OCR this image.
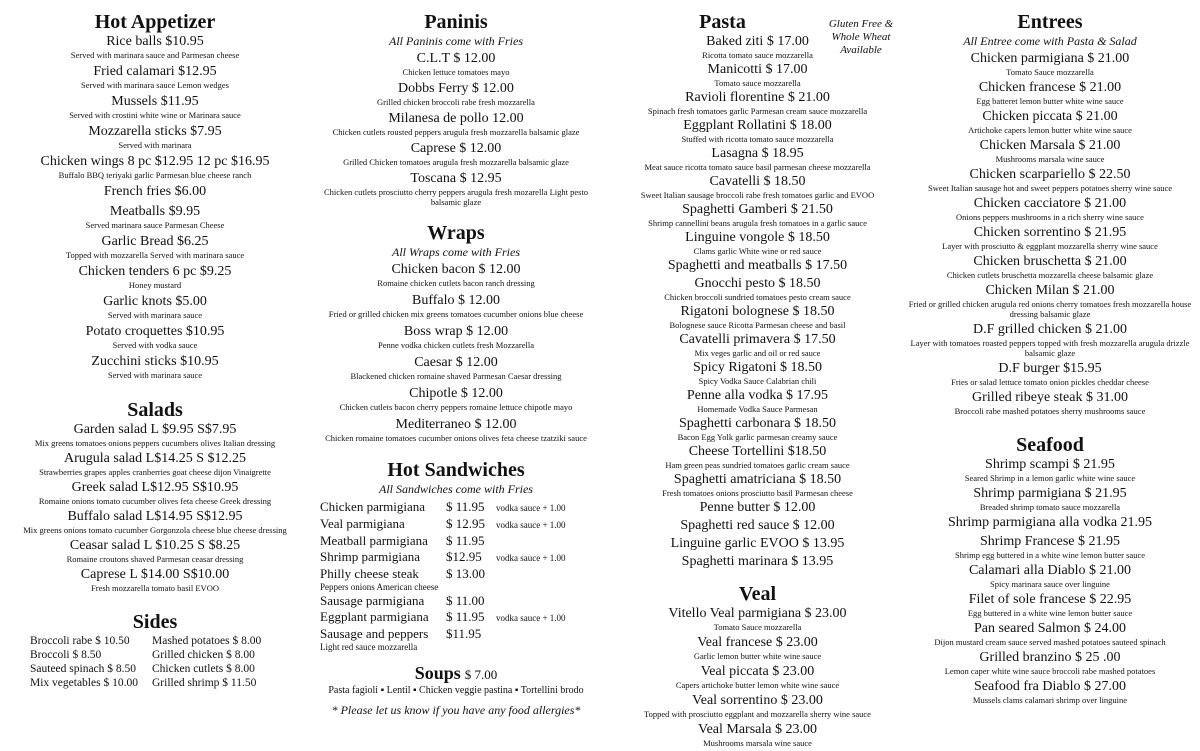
Hot Appetizer
Rice balls $10.95
Served with marinara sauce and Parmesan cheese
Fried calamari $12.95
Served with marinara sauce Lemon wedges
Mussels $11.95
Served with crostini white wine or Marinara sauce
Mozzarella sticks $7.95
Served with marinara
Chicken wings 8 pc $12.95 12 pc $16.95
Buffalo BBQ teriyaki garlic Parmesan blue cheese ranch
French fries $6.00
Meatballs $9.95
Served marinara sauce Parmesan Cheese
Garlic Bread $6.25
Topped with mozzarella Served with marinara sauce
Chicken tenders 6 pc $9.25
Honey mustard
Garlic knots $5.00
Served with marinara sauce
Potato croquettes $10.95
Served with vodka sauce
Zucchini sticks $10.95
Served with marinara sauce
Salads
Garden salad L $9.95 S$7.95
Mix greens tomatoes onions peppers cucumbers olives Italian dressing
Arugula salad L$14.25 S $12.25
Strawberries grapes apples cranberries goat cheese dijon Vinaigrette
Greek salad L$12.95 S$10.95
Romaine onions tomato cucumber olives feta cheese Greek dressing
Buffalo salad L$14.95 S$12.95
Mix greens onions tomato cucumber Gorgonzola cheese blue cheese dressing
Ceasar salad L $10.25 S $8.25
Romaine croutons shaved Parmesan ceasar dressing
Caprese L $14.00 S$10.00
Fresh mozzarella tomato basil EVOO
Sides
Broccoli rabe $ 10.50 Mashed potatoes $ 8.00
Broccoli $ 8.50	Grilled chicken $ 8.00
Sauteed spinach $ 8.50 Chicken cutlets $ 8.00
Mix vegetables $ 10.00 Grilled shrimp $ 11.50
Paninis

All Paninis come with Fries

C.L.T $ 12.00
Chicken lettuce tomatoes mayo
Dobbs Ferry $ 12.00
Grilled chicken broccoli rabe fresh mozzarella
Milanesa de pollo 12.00
Chicken cutlets rousted peppers arugula fresh mozzarella balsamic glaze
Caprese $ 12.00
Grilled Chicken tomatoes arugula fresh mozzarella balsamic glaze
Toscana $ 12.95
Chicken cutlets prosciutto cherry peppers arugula fresh mozarella Light pesto balsamic glaze
Wraps

All Wraps come with Fries

Chicken bacon $ 12.00
Romaine chicken cutlets bacon ranch dressing
Buffalo $ 12.00
Fried or grilled chicken mix greens tomatoes cucumber onions blue cheese
Boss wrap $ 12.00
Penne vodka chicken cutlets fresh Mozzarella
Caesar $ 12.00
Blackened chicken romaine shaved Parmesan Caesar dressing
Chipotle $ 12.00
Chicken cutlets bacon cherry peppers romaine lettuce chipotle mayo
Mediterraneo $ 12.00
Chicken romaine tomatoes cucumber onions olives feta cheese tzatziki sauce
Hot Sandwiches

All Sandwiches come with Fries

Chicken parmigiana $ 11.95 vodka sauce + 1.00
Veal parmigiana	$ 12.95 vodka sauce + 1.00
Meatball parmigiana $ 11.95
Shrimp parmigiana $12.95 vodka sauce + 1.00
Philly cheese steak $ 13.00
Peppers onions American cheese
Sausage parmigiana $ 11.00
Eggplant parmigiana $ 11.95 vodka sauce + 1.00
Sausage and peppers $11.95
Light red sauce mozzarella
Soups $ 7.00
Pasta fagioli ▪ Lentil ▪ Chicken veggie pastina ▪ Tortellini brodo
* Please let us know if you have any food allergies*
Gluten Free & Whole Wheat Available
Pasta
Baked ziti $ 17.00
Ricotta tomato sauce mozzarella
Manicotti $ 17.00
Tomato sauce mozzarella
Ravioli florentine $ 21.00
Spinach fresh tomatoes garlic Parmesan cream sauce mozzarella
Eggplant Rollatini $ 18.00
Stuffed with ricotta tomato sauce mozzarella
Lasagna $ 18.95
Meat sauce ricotta tomato sauce basil parmesan cheese mozzarella
Cavatelli $ 18.50
Sweet Italian sausage broccoli rabe fresh tomatoes garlic and EVOO
Spaghetti Gamberi $ 21.50
Shrimp cannellini beans arugula fresh tomatoes in a garlic sauce
Linguine vongole $ 18.50
Clams garlic White wine or red sauce
Spaghetti and meatballs $ 17.50
Gnocchi pesto $ 18.50
Chicken broccoli sundried tomatoes pesto cream sauce
Rigatoni bolognese $ 18.50
Bolognese sauce Ricotta Parmesan cheese and basil
Cavatelli primavera $ 17.50
Mix veges garlic and oil or red sauce
Spicy Rigatoni $ 18.50
Spicy Vodka Sauce Calabrian chili
Penne alla vodka $ 17.95
Homemade Vodka Sauce Parmesan
Spaghetti carbonara $ 18.50
Bacon Egg Yolk garlic parmesan creamy sauce
Cheese Tortellini $18.50
Ham green peas sundried tomatoes garlic cream sauce
Spaghetti amatriciana $ 18.50
Fresh tomatoes onions prosciutto basil Parmesan cheese
Penne butter $ 12.00
Spaghetti red sauce $ 12.00
Linguine garlic EVOO $ 13.95
Spaghetti marinara $ 13.95
Veal
Vitello Veal parmigiana $ 23.00
Tomato Sauce mozzarella
Veal francese $ 23.00
Garlic lemon butter white wine sauce
Veal piccata $ 23.00
Capers artichoke butter lemon white wine sauce
Veal sorrentino $ 23.00
Topped with prosciutto eggplant and mozzarella sherry wine sauce
Veal Marsala $ 23.00
Mushrooms marsala wine sauce
Entrees

All Entree come with Pasta & Salad

Chicken parmigiana $ 21.00
Tomato Sauce mozzarella
Chicken francese $ 21.00
Egg batteret lemon butter white wine sauce
Chicken piccata $ 21.00
Artichoke capers lemon butter white wine sauce
Chicken Marsala $ 21.00
Mushrooms marsala wine sauce
Chicken scarpariello $ 22.50
Sweet Italian sausage hot and sweet peppers potatoes sherry wine sauce
Chicken cacciatore $ 21.00
Onions peppers mushrooms in a rich sherry wine sauce
Chicken sorrentino $ 21.95
Layer with prosciutto & eggplant mozzarella sherry wine sauce
Chicken bruschetta $ 21.00
Chicken cutlets bruschetta mozzarella cheese balsamic glaze
Chicken Milan $ 21.00
Fried or grilled chicken arugula red onions cherry tomatoes fresh mozzarella house dressing balsamic glaze
D.F grilled chicken $ 21.00
Layer with tomatoes roasted peppers topped with fresh mozzarella arugula drizzle balsamic glaze
D.F burger $15.95
Fries or salad lettuce tomato onion pickles cheddar cheese
Grilled ribeye steak $ 31.00
Broccoli rabe mashed potatoes sherry mushrooms sauce
Seafood
Shrimp scampi $ 21.95
Seared Shrimp in a lemon garlic white wine sauce
Shrimp parmigiana $ 21.95
Breaded shrimp tomato sauce mozzarella
Shrimp parmigiana alla vodka 21.95
Shrimp Francese $ 21.95
Shrimp egg buttered in a white wine lemon butter sauce
Calamari alla Diablo $ 21.00
Spicy marinara sauce over linguine
Filet of sole francese $ 22.95
Egg buttered in a white wine lemon butter sauce
Pan seared Salmon $ 24.00
Dijon mustard cream sauce served mashed potatoes sauteed spinach
Grilled branzino $ 25 .00
Lemon caper white wine sauce broccoli rabe mashed potatoes
Seafood fra Diablo $ 27.00
Mussels clams calamari shrimp over linguine
